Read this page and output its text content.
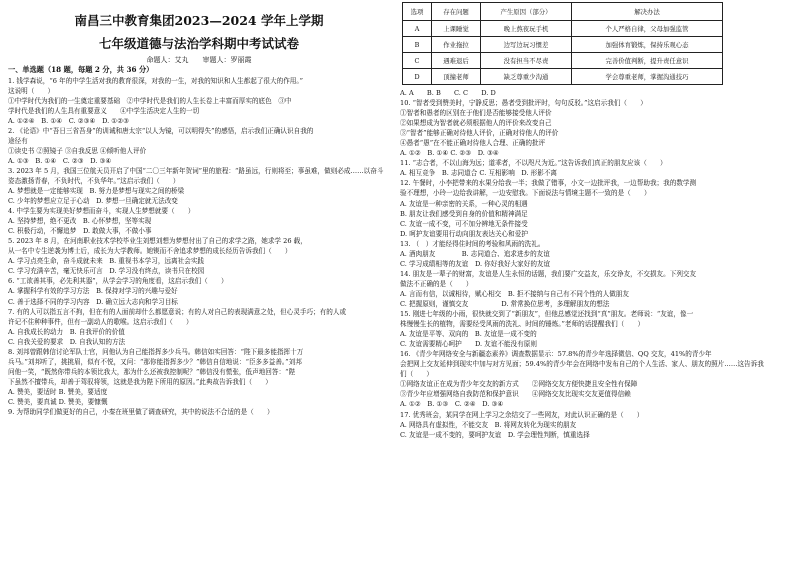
南昌三中教育集团2023—2024 学年上学期
七年级道德与法治学科期中考试试卷
命题人：艾丸　　审题人：罗丽霞
一、单选题（18 题，每题 2 分，共 36 分）
1. 钱学森说，“6 年的中学生活对我的教育很深，对我的一生，对我的知识和人生都起了很大的作用。”
这说明（　　）
①中学时代为我们的一生奠定重要基础　②中学时代是我们的人生长卷上丰富而厚实的底色　③中
学时代是我们的人生具有重要意义　　④中学生活决定人生的一切
A. ①②④　B. ①④　C. ②③④　D. ①②③
2. 《论语》中“吾日三省吾身”的训诫和唐太宗“以人为镜，可以明得失”的感悟，启示我们正确认识自我的
途径有
①读史书 ②照镜子 ③自我反思 ④倾听他人评价
A. ①③　B. ①④　C. ②③　D. ③④
3. 2023 年 5 月，我国三位航天员开启了中国“二〇三年新年贺词”里的旅程：“路虽远，行则将至；事虽难，做则必成……以奋斗
姿态激扬青春，不负时代，不负华年。”这启示我们（　　）
A. 梦想就是一定能够实现　B. 努力是梦想与现实之间的桥梁
C. 少年的梦想应立足于心动　D. 梦想一旦确定就无法改变
4. 中学生要为实现美好梦想而奋斗，实现人生梦想就要（　　）
A. 坚持梦想，绝不更改　B. 心怀梦想，坚等实现
C. 积极行动，不懈追梦　D. 敢做大事，不做小事
5. 2023 年 8 月，在河南职业技术学校毕业生刘想刘想为梦想付出了自己的求学之路，她求学 26 载，
从一名中专生逆袭为博士后，成长为大学教师。她锲而不舍追求梦想的成长经历告诉我们（　　）
A. 学习点亮生命，奋斗成就未来　B. 重视书本学习，远离社会实践
C. 学习充满辛苦，毫无快乐可言　D. 学习没有终点，读书只在校园
6. “工欲善其事，必先利其器”，从学会学习的角度看，这启示我们（　　）
A. 掌握科学有效的学习方法　B. 保持对学习的兴趣与爱好
C. 善于选择不同的学习内容　D. 确立远大志向和学习目标
7. 有的人可以指五言不拘，但在有的人面前却什么都愿意说；有的人对自己的表现满意之处，但心灵手巧；有的人或
许记不住种种事件，但有一副动人的歌喉。这启示我们（　　）
A. 自我成长的动力　B. 自我评价的价值
C. 自我关爱的要求　D. 自我认知的方法
8. 刘邦曾跟韩信讨论军队士官，问他认为自己能指挥多少兵马。韩信如实回答：“陛下最多能指挥十万
兵马。”刘邦听了，挑挑眉，似有不悦，又问：“那你能指挥多少？”韩信自信地说：“臣多多益善。”刘邦
问他一笑，“既然你带兵的本领比我大，那为什么还被我控制呢？”韩信没有慌张，低声地回答：“陛
下虽然不擅带兵，却善于驾驭将领，这就是我为陛下所用的原因。”此典故告诉我们（　　）
A. 赞美，要适时 B. 赞美，要适度
C. 赞美，要真诚 D. 赞美，要慷慨
9. 为帮助同学们做更好的自己，小秦在班里做了调查研究，其中的说法不合适的是（　　）
选项	存在问题	产生原因（部分）	解决办法
A	上课睡觉	晚上熬夜玩手机	个人严格自律，父母加强监管
B	作业拖拉	边写边玩习惯差	加强体育锻炼，保持乐观心态
C	遇难退后	没有担当不尽责	完善价值判断，提升责任意识
D	顶撞老师	缺乏尊重少沟通	学会尊重老师，掌握沟通技巧
A. A　　B. B　　C. C　　D. D
10. “智者受到赞美时，宁静反思；愚者受到批评时，句句反驳。”这启示我们（　　）
①智者和愚者的区别在于他们是否能够接受他人评价
②如果想成为智者就必须根据他人的评价来改变自己
③“智者”能够正确对待他人评价，正确对待他人的评价
④愚者“愚”在不能正确对待他人合理、正确的批评
A. ①②　B. ①④ C. ②③　D. ③④
11. “志合者，不以山海为远；道乖者，不以咫尺为近。”这告诉我们真正的朋友应该（　　）
A. 相互竞争　B. 志同道合 C. 互相影响　D. 形影不离
12. 午餐时，小李把带来的水果分给我一半；我做了错事，小文一边批评我，一边帮助我；我的数学测
验不理想，小玲一边给我讲解，一边安慰我。下面说法与情境主题不一致的是（　　）
A. 友谊是一种亲密的关系，一种心灵的相遇
B. 朋友让我们感受到自身的价值和精神满足
C. 友谊一成不变，可不加分辨地无条件接受
D. 呵护友谊要用行动向朋友表达关心和爱护
13. （　）才能经得住时间的考验和风雨的洗礼。
A. 酒肉朋友　　　　B. 志同道合、追求进步的友谊
C. 学习成绩相等的友谊　D. 你好我好大家好的友谊
14. 朋友是一辈子的财富，友谊是人生永恒的话题，我们要广交益友，乐交诤友，不交损友。下列交友
做法不正确的是（　　）
A. 言而有信，以诚相待，赋心相交　B. 拒不接纳与自己有不同个性的人做朋友
C. 把握原则，谨慎交友　　　　　D. 常常换位思考，多理解朋友的想法
15. 刚进七年级的小雨，很快就交到了“新朋友”，但他总感觉还找到“真”朋友。老师说：“友谊，像一
株慢慢生长的植物，需要经受风雨的洗礼、时间的锤炼。”老师的话提醒我们（　　）
A. 友谊是平等、双向的　B. 友谊是一成不变的
C. 友谊需要精心呵护　　D. 友谊不能没有原则
16. 《青少年网络安全与新疆态素养》调查数据显示：57.8%的青少年选择微信、QQ 交友，41%的青少年
会把网上交友延伸到现实中加与对方见面；59.4%的青少年会在网络中发布自己的个人生活、家人、朋友的照片……这告诉我
们（　　）
①网络友谊正在成为青少年交友的新方式　　②网络交友方便快捷且安全性有保障
③青少年应增强网络自我防范和保护意识　　④网络交友比现实交友更值得信赖
A. ①②　B. ①③　C. ②④　D. ③④
17. 优秀班会，某同学在网上学习之余结交了一些网友，对此认识正确的是（　　）
A. 网络具有虚拟性，不能交友　B. 将网友转化为现实的朋友
C. 友谊是一成不变的，要呵护友谊　D. 学会理性判断，慎重选择
